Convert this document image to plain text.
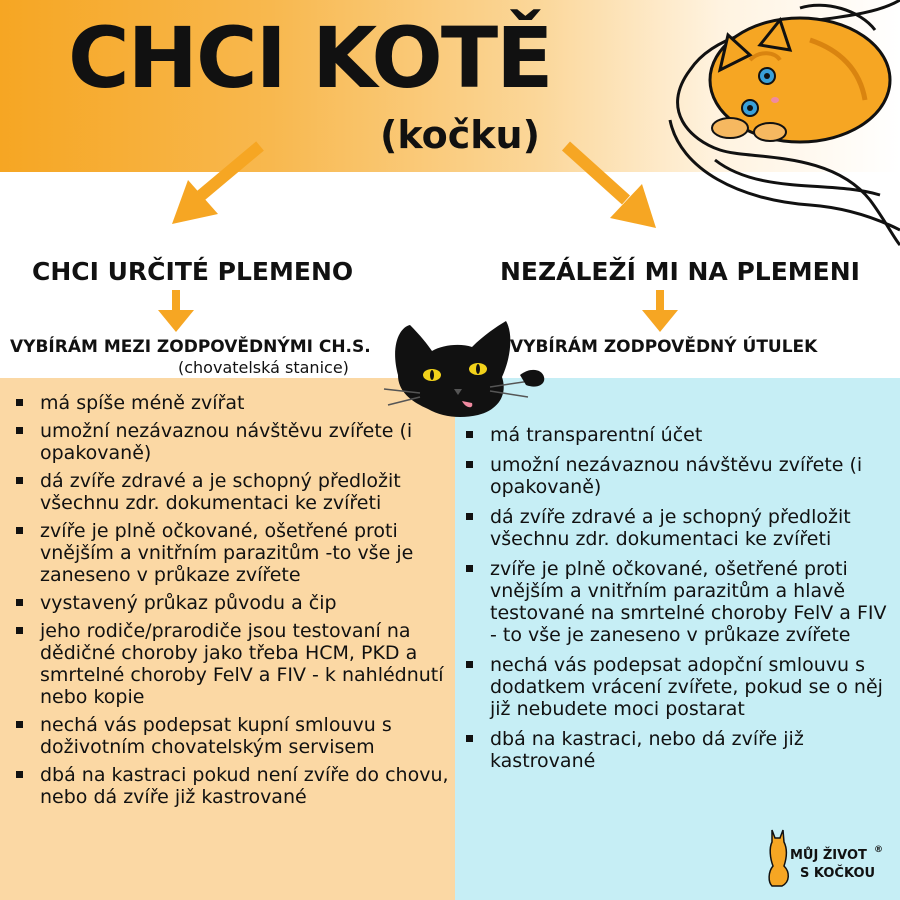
CHCI KOTĚ
(kočku)
CHCI URČITÉ PLEMENO	NEZÁLEŽÍ MI NA PLEMENI
VYBÍRÁM MEZI ZODPOVĚDNÝMI CH.S.
(chovatelská stanice)
VYBÍRÁM ZODPOVĚDNÝ ÚTULEK
má spíše méně zvířat
umožní nezávaznou návštěvu zvířete (i opakovaně)
dá zvíře zdravé a je schopný předložit všechnu zdr. dokumentaci ke zvířeti
zvíře je plně očkované, ošetřené proti vnějším a vnitřním parazitům -to vše je zaneseno v průkaze zvířete
vystavený průkaz původu a čip
jeho rodiče/prarodiče jsou testovaní na dědičné choroby jako třeba HCM, PKD a smrtelné choroby FelV a FIV - k nahlédnutí nebo kopie
nechá vás podepsat kupní smlouvu s doživotním chovatelským servisem
dbá na kastraci pokud není zvíře do chovu, nebo dá zvíře již kastrované
má transparentní účet
umožní nezávaznou návštěvu zvířete (i opakovaně)
dá zvíře zdravé a je schopný předložit všechnu zdr. dokumentaci ke zvířeti
zvíře je plně očkované, ošetřené proti vnějším a vnitřním parazitům a hlavě testované na smrtelné choroby FelV a FIV - to vše je zaneseno v průkaze zvířete
nechá vás podepsat adopční smlouvu s dodatkem vrácení zvířete, pokud se o něj již nebudete moci postarat
dbá na kastraci, nebo dá zvíře již kastrované
MŮJ ŽIVOT ®
S KOČKOU
